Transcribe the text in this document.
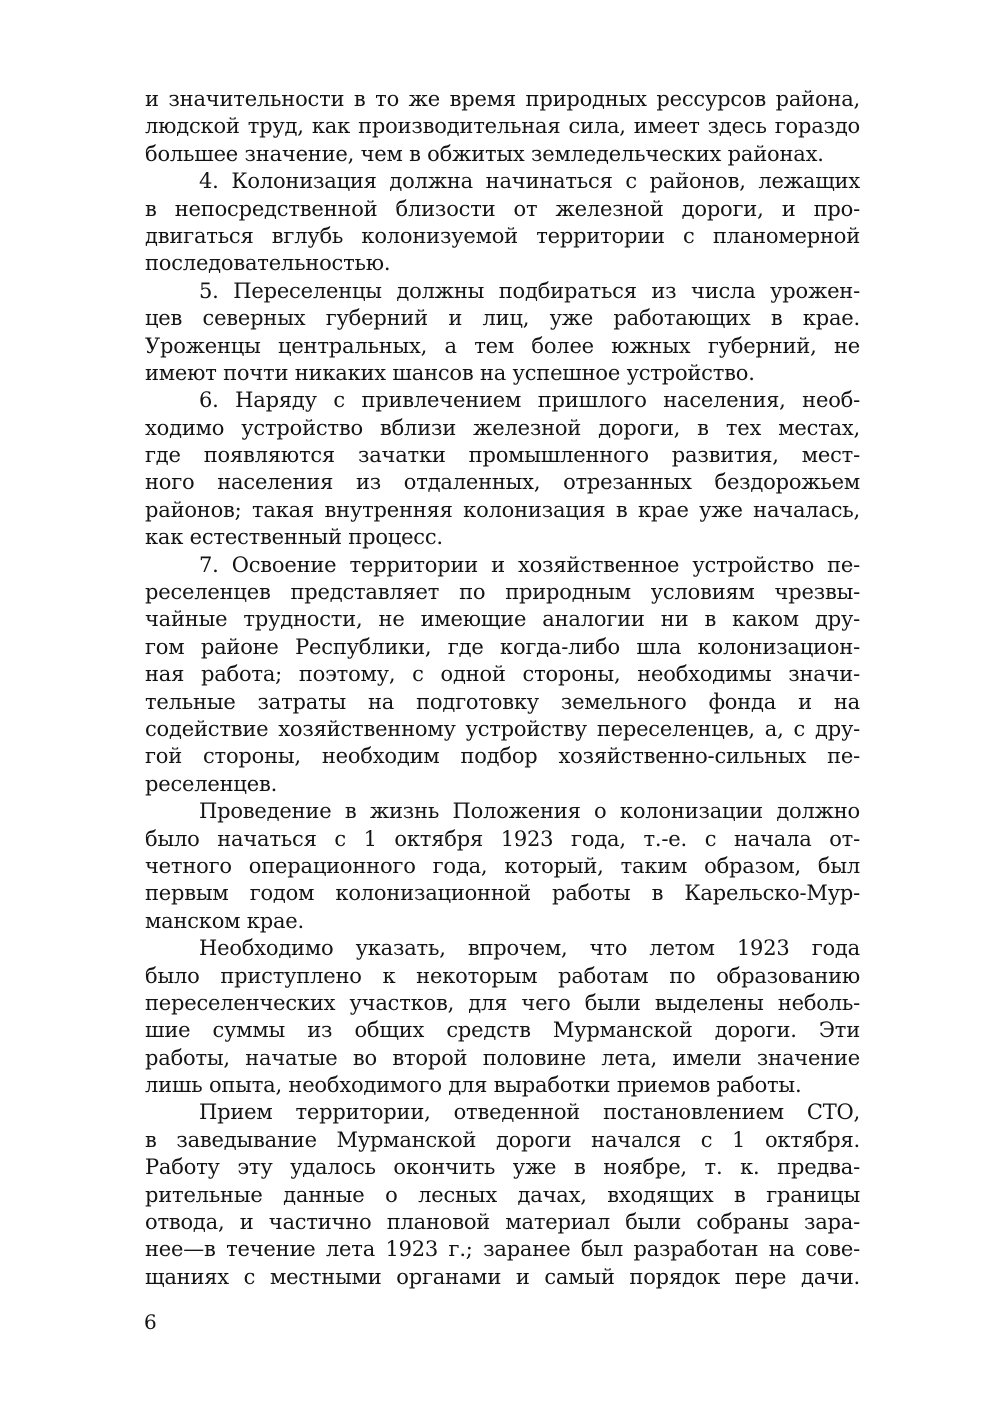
и значительности в то же время природных рессурсов района,
людской труд, как производительная сила, имеет здесь гораздо
большее значение, чем в обжитых земледельческих районах.
4. Колонизация должна начинаться с районов, лежащих
в непосредственной близости от железной дороги, и про-
двигаться вглубь колонизуемой территории с планомерной
последовательностью.
5. Переселенцы должны подбираться из числа урожен-
цев северных губерний и лиц, уже работающих в крае.
Уроженцы центральных, а тем более южных губерний, не
имеют почти никаких шансов на успешное устройство.
6. Наряду с привлечением пришлого населения, необ-
ходимо устройство вблизи железной дороги, в тех местах,
где появляются зачатки промышленного развития, мест-
ного населения из отдаленных, отрезанных бездорожьем
районов; такая внутренняя колонизация в крае уже началась,
как естественный процесс.
7. Освоение территории и хозяйственное устройство пе-
реселенцев представляет по природным условиям чрезвы-
чайные трудности, не имеющие аналогии ни в каком дру-
гом районе Республики, где когда-либо шла колонизацион-
ная работа; поэтому, с одной стороны, необходимы значи-
тельные затраты на подготовку земельного фонда и на
содействие хозяйственному устройству переселенцев, а, с дру-
гой стороны, необходим подбор хозяйственно-сильных пе-
реселенцев.
Проведение в жизнь Положения о колонизации должно
было начаться с 1 октября 1923 года, т.-е. с начала от-
четного операционного года, который, таким образом, был
первым годом колонизационной работы в Карельско-Мур-
манском крае.
Необходимо указать, впрочем, что летом 1923 года
было приступлено к некоторым работам по образованию
переселенческих участков, для чего были выделены неболь-
шие суммы из общих средств Мурманской дороги. Эти
работы, начатые во второй половине лета, имели значение
лишь опыта, необходимого для выработки приемов работы.
Прием территории, отведенной постановлением СТО,
в заведывание Мурманской дороги начался с 1 октября.
Работу эту удалось окончить уже в ноябре, т. к. предва-
рительные данные о лесных дачах, входящих в границы
отвода, и частично плановой материал были собраны зара-
нее—в течение лета 1923 г.; заранее был разработан на сове-
щаниях с местными органами и самый порядок пере дачи.
6
